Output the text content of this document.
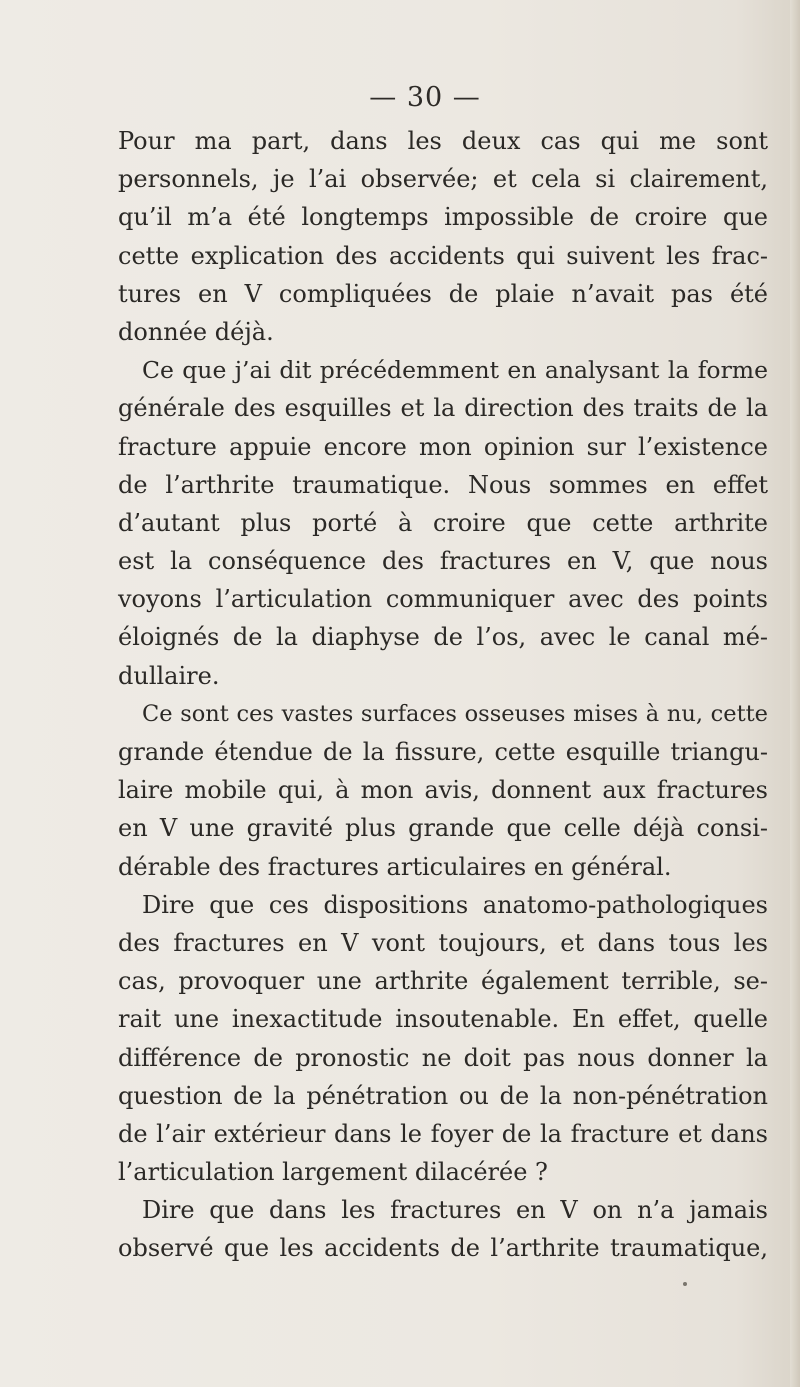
— 30 —
Pour ma part, dans les deux cas qui me sont
personnels, je l’ai observée; et cela si clairement,
qu’il m’a été longtemps impossible de croire que
cette explication des accidents qui suivent les frac-
tures en V compliquées de plaie n’avait pas été
donnée déjà.
Ce que j’ai dit précédemment en analysant la forme
générale des esquilles et la direction des traits de la
fracture appuie encore mon opinion sur l’existence
de l’arthrite traumatique. Nous sommes en effet
d’autant plus porté à croire que cette arthrite
est la conséquence des fractures en V, que nous
voyons l’articulation communiquer avec des points
éloignés de la diaphyse de l’os, avec le canal mé-
dullaire.
Ce sont ces vastes surfaces osseuses mises à nu, cette
grande étendue de la fissure, cette esquille triangu-
laire mobile qui, à mon avis, donnent aux fractures
en V une gravité plus grande que celle déjà consi-
dérable des fractures articulaires en général.
Dire que ces dispositions anatomo-pathologiques
des fractures en V vont toujours, et dans tous les
cas, provoquer une arthrite également terrible, se-
rait une inexactitude insoutenable. En effet, quelle
différence de pronostic ne doit pas nous donner la
question de la pénétration ou de la non-pénétration
de l’air extérieur dans le foyer de la fracture et dans
l’articulation largement dilacérée ?
Dire que dans les fractures en V on n’a jamais
observé que les accidents de l’arthrite traumatique,
